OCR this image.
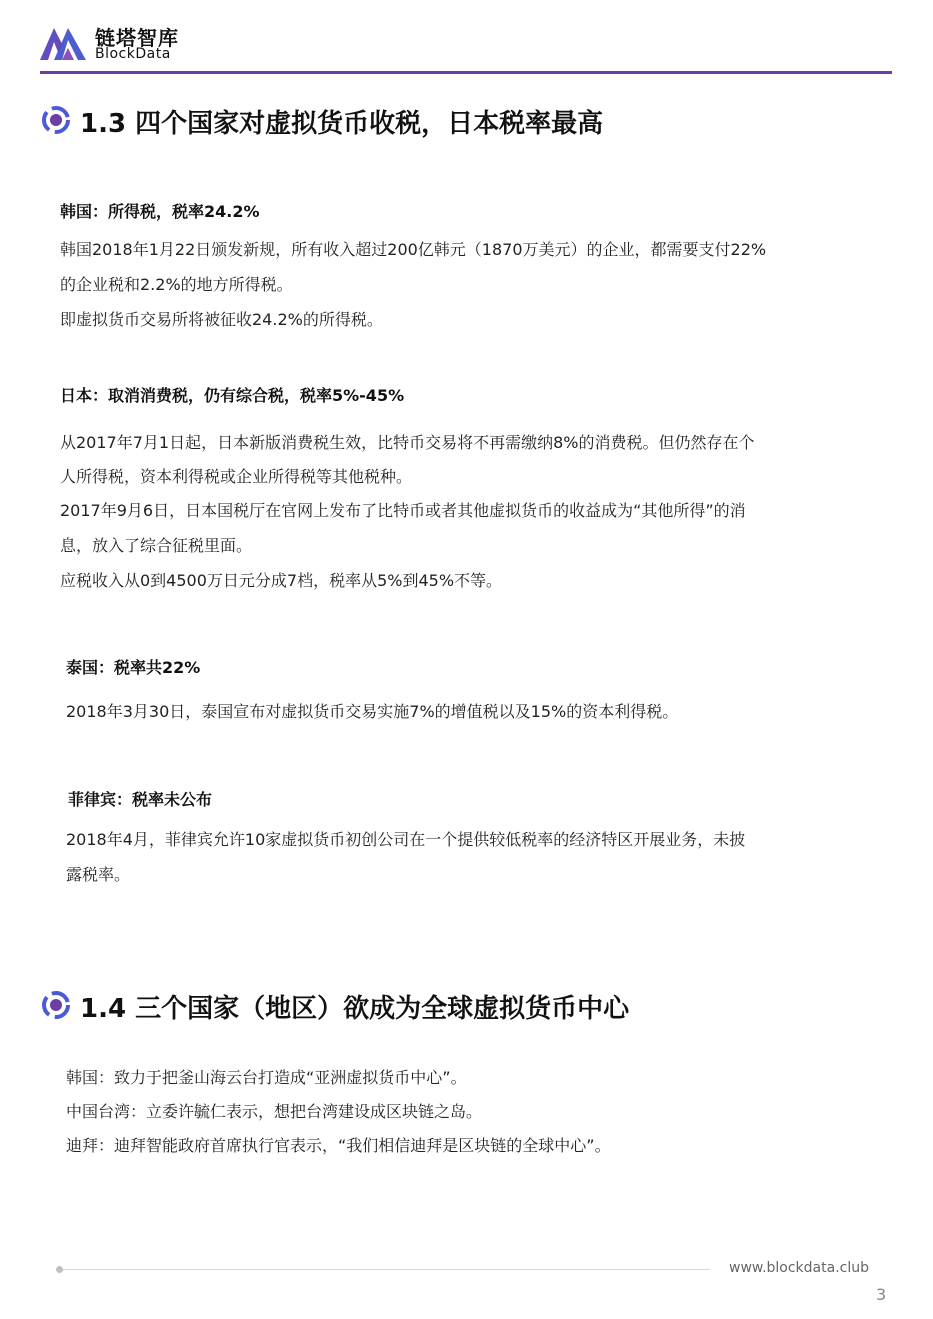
链塔智库
BlockData
1.3 四个国家对虚拟货币收税，日本税率最高
韩国：所得税，税率24.2%
韩国2018年1月22日颁发新规，所有收入超过200亿韩元（1870万美元）的企业，都需要支付22%
的企业税和2.2%的地方所得税。
即虚拟货币交易所将被征收24.2%的所得税。
日本：取消消费税，仍有综合税，税率5%-45%
从2017年7月1日起，日本新版消费税生效，比特币交易将不再需缴纳8%的消费税。但仍然存在个
人所得税，资本利得税或企业所得税等其他税种。
2017年9月6日，日本国税厅在官网上发布了比特币或者其他虚拟货币的收益成为“其他所得”的消
息，放入了综合征税里面。
应税收入从0到4500万日元分成7档，税率从5%到45%不等。
泰国：税率共22%
2018年3月30日，泰国宣布对虚拟货币交易实施7%的增值税以及15%的资本利得税。
菲律宾：税率未公布
2018年4月，菲律宾允许10家虚拟货币初创公司在一个提供较低税率的经济特区开展业务，未披
露税率。
1.4 三个国家（地区）欲成为全球虚拟货币中心
韩国：致力于把釜山海云台打造成“亚洲虚拟货币中心”。
中国台湾：立委许毓仁表示，想把台湾建设成区块链之岛。
迪拜：迪拜智能政府首席执行官表示，“我们相信迪拜是区块链的全球中心”。
www.blockdata.club
3
